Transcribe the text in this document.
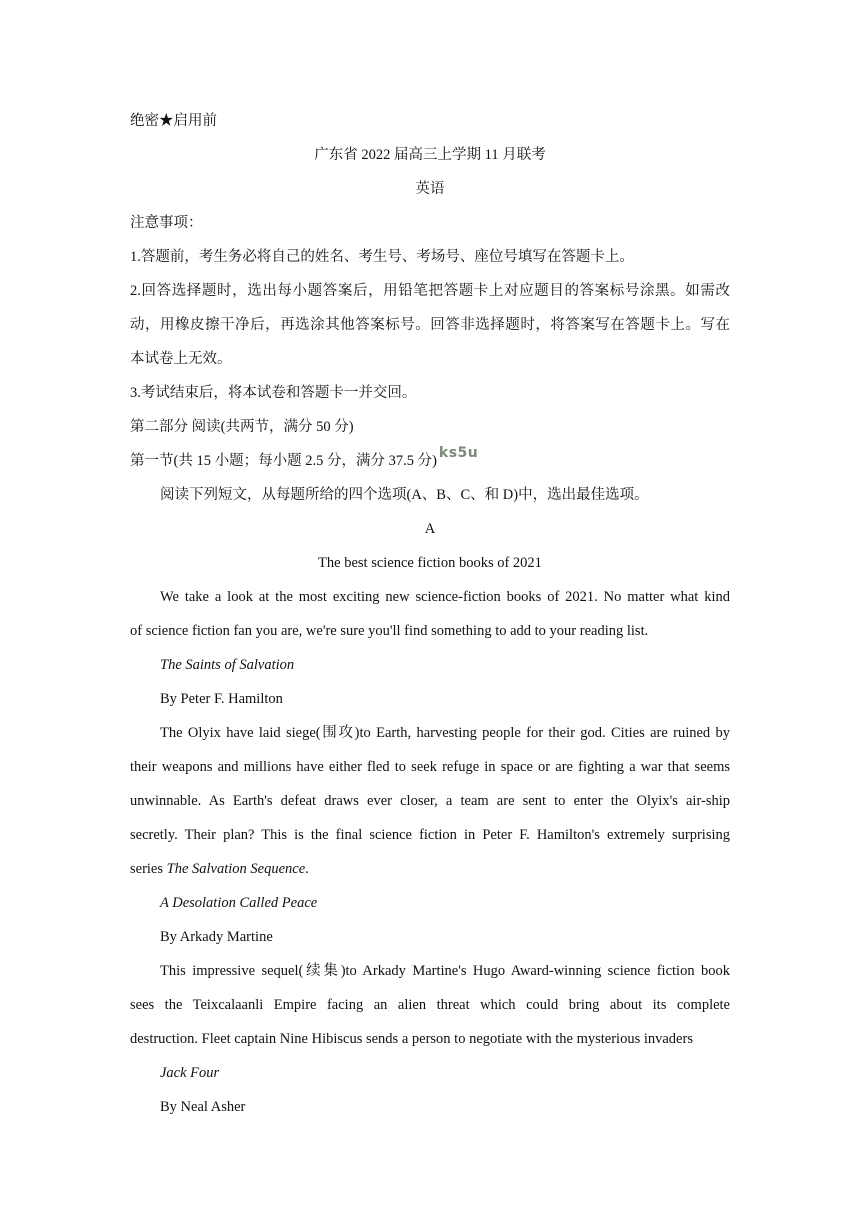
绝密★启用前
广东省 2022 届高三上学期 11 月联考
英语
注意事项：
1.答题前，考生务必将自己的姓名、考生号、考场号、座位号填写在答题卡上。
2.回答选择题时，选出每小题答案后，用铅笔把答题卡上对应题目的答案标号涂黑。如需改
动，用橡皮擦干净后，再选涂其他答案标号。回答非选择题时，将答案写在答题卡上。写在
本试卷上无效。
3.考试结束后，将本试卷和答题卡一并交回。
第二部分 阅读(共两节，满分 50 分)
第一节(共 15 小题；每小题 2.5 分，满分 37.5 分) ks5u
阅读下列短文，从每题所给的四个选项(A、B、C、和 D)中，选出最佳选项。
A
The best science fiction books of 2021
We take a look at the most exciting new science-fiction books of 2021. No matter what kind
of science fiction fan you are, we're sure you'll find something to add to your reading list.
The Saints of Salvation
By Peter F. Hamilton
The Olyix have laid siege(围攻)to Earth, harvesting people for their god. Cities are ruined by
their weapons and millions have either fled to seek refuge in space or are fighting a war that seems
unwinnable. As Earth's defeat draws ever closer, a team are sent to enter the Olyix's air-ship
secretly. Their plan? This is the final science fiction in Peter F. Hamilton's extremely surprising
series The Salvation Sequence.
A Desolation Called Peace
By Arkady Martine
This impressive sequel(续集)to Arkady Martine's Hugo Award-winning science fiction book
sees the Teixcalaanli Empire facing an alien threat which could bring about its complete
destruction. Fleet captain Nine Hibiscus sends a person to negotiate with the mysterious invaders
Jack Four
By Neal Asher
